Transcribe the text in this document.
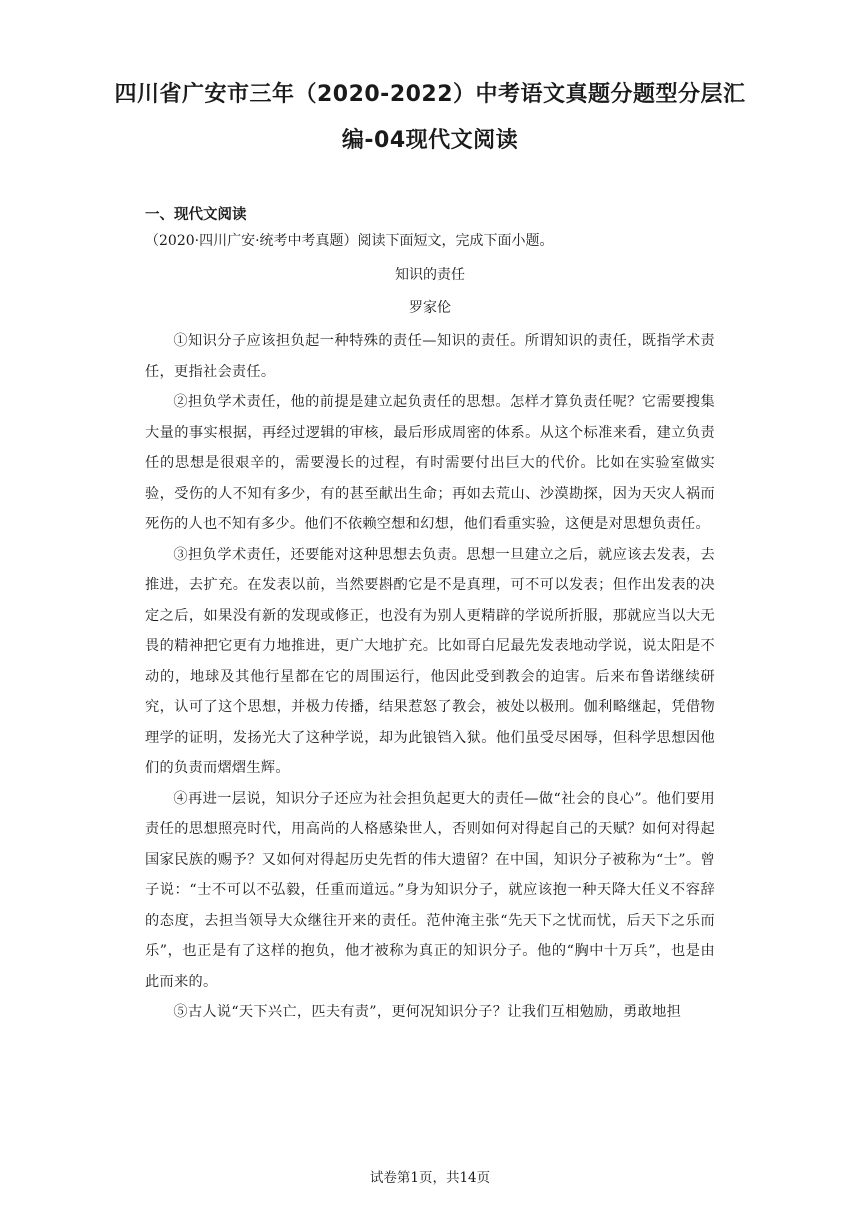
四川省广安市三年（2020-2022）中考语文真题分题型分层汇编-04现代文阅读
一、现代文阅读
（2020·四川广安·统考中考真题）阅读下面短文，完成下面小题。
知识的责任
罗家伦

①知识分子应该担负起一种特殊的责任—知识的责任。所谓知识的责任，既指学术责任，更指社会责任。

②担负学术责任，他的前提是建立起负责任的思想。怎样才算负责任呢？它需要搜集大量的事实根据，再经过逻辑的审核，最后形成周密的体系。从这个标准来看，建立负责任的思想是很艰辛的，需要漫长的过程，有时需要付出巨大的代价。比如在实验室做实验，受伤的人不知有多少，有的甚至献出生命；再如去荒山、沙漠勘探，因为天灾人祸而死伤的人也不知有多少。他们不依赖空想和幻想，他们看重实验，这便是对思想负责任。

③担负学术责任，还要能对这种思想去负责。思想一旦建立之后，就应该去发表，去推进，去扩充。在发表以前，当然要斟酌它是不是真理，可不可以发表；但作出发表的决定之后，如果没有新的发现或修正，也没有为别人更精辟的学说所折服，那就应当以大无畏的精神把它更有力地推进，更广大地扩充。比如哥白尼最先发表地动学说，说太阳是不动的，地球及其他行星都在它的周围运行，他因此受到教会的迫害。后来布鲁诺继续研究，认可了这个思想，并极力传播，结果惹怒了教会，被处以极刑。伽利略继起，凭借物理学的证明，发扬光大了这种学说，却为此锒铛入狱。他们虽受尽困辱，但科学思想因他们的负责而熠熠生辉。

④再进一层说，知识分子还应为社会担负起更大的责任—做“社会的良心”。他们要用责任的思想照亮时代，用高尚的人格感染世人，否则如何对得起自己的天赋？如何对得起国家民族的赐予？又如何对得起历史先哲的伟大遗留？在中国，知识分子被称为“士”。曾子说：“士不可以不弘毅，任重而道远。”身为知识分子，就应该抱一种天降大任义不容辞的态度，去担当领导大众继往开来的责任。范仲淹主张“先天下之忧而忧，后天下之乐而乐”，也正是有了这样的抱负，他才被称为真正的知识分子。他的“胸中十万兵”，也是由此而来的。

⑤古人说“天下兴亡，匹夫有责”，更何况知识分子？让我们互相勉励，勇敢地担

试卷第1页，共14页
